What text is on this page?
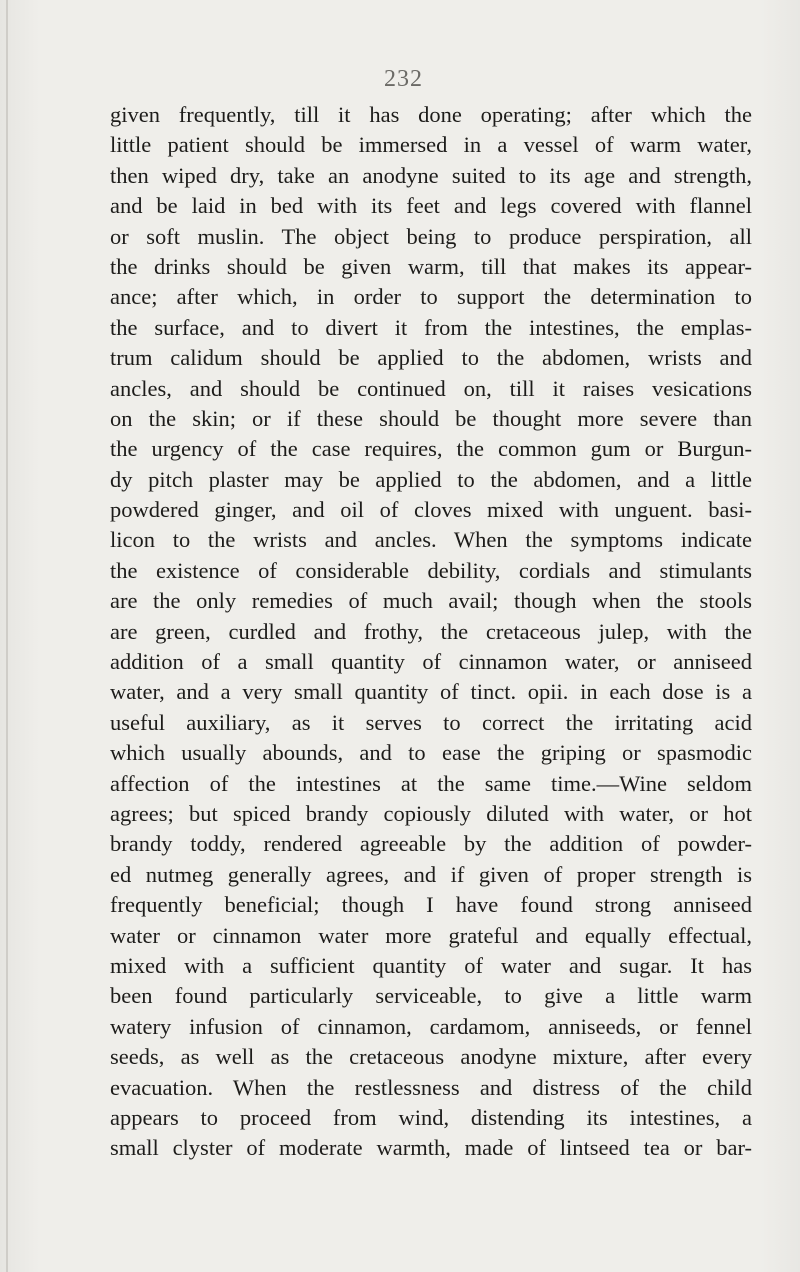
232
given frequently, till it has done operating; after which the
little patient should be immersed in a vessel of warm water,
then wiped dry, take an anodyne suited to its age and strength,
and be laid in bed with its feet and legs covered with flannel
or soft muslin. The object being to produce perspiration, all
the drinks should be given warm, till that makes its appear-
ance; after which, in order to support the determination to
the surface, and to divert it from the intestines, the emplas-
trum calidum should be applied to the abdomen, wrists and
ancles, and should be continued on, till it raises vesications
on the skin; or if these should be thought more severe than
the urgency of the case requires, the common gum or Burgun-
dy pitch plaster may be applied to the abdomen, and a little
powdered ginger, and oil of cloves mixed with unguent. basi-
licon to the wrists and ancles. When the symptoms indicate
the existence of considerable debility, cordials and stimulants
are the only remedies of much avail; though when the stools
are green, curdled and frothy, the cretaceous julep, with the
addition of a small quantity of cinnamon water, or anniseed
water, and a very small quantity of tinct. opii. in each dose is a
useful auxiliary, as it serves to correct the irritating acid
which usually abounds, and to ease the griping or spasmodic
affection of the intestines at the same time.—Wine seldom
agrees; but spiced brandy copiously diluted with water, or hot
brandy toddy, rendered agreeable by the addition of powder-
ed nutmeg generally agrees, and if given of proper strength is
frequently beneficial; though I have found strong anniseed
water or cinnamon water more grateful and equally effectual,
mixed with a sufficient quantity of water and sugar. It has
been found particularly serviceable, to give a little warm
watery infusion of cinnamon, cardamom, anniseeds, or fennel
seeds, as well as the cretaceous anodyne mixture, after every
evacuation. When the restlessness and distress of the child
appears to proceed from wind, distending its intestines, a
small clyster of moderate warmth, made of lintseed tea or bar-
